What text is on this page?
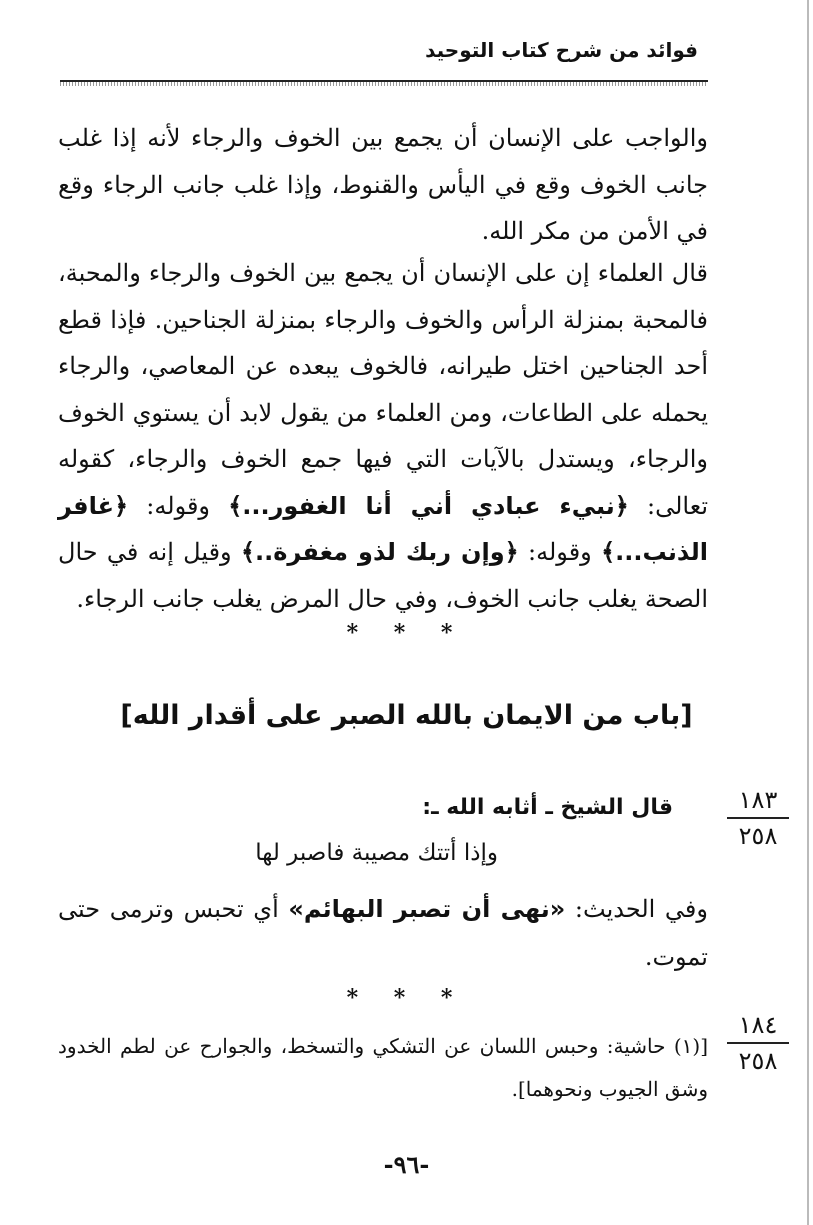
فوائد من شرح كتاب التوحيد

والواجب على الإنسان أن يجمع بين الخوف والرجاء لأنه إذا غلب جانب الخوف وقع في اليأس والقنوط، وإذا غلب جانب الرجاء وقع في الأمن من مكر الله.

قال العلماء إن على الإنسان أن يجمع بين الخوف والرجاء والمحبة، فالمحبة بمنزلة الرأس والخوف والرجاء بمنزلة الجناحين. فإذا قطع أحد الجناحين اختل طيرانه، فالخوف يبعده عن المعاصي، والرجاء يحمله على الطاعات، ومن العلماء من يقول لابد أن يستوي الخوف والرجاء، ويستدل بالآيات التي فيها جمع الخوف والرجاء، كقوله تعالى: ﴿نبيء عبادي أني أنا الغفور...﴾ وقوله: ﴿غافر الذنب...﴾ وقوله: ﴿وإن ربك لذو مغفرة..﴾ وقيل إنه في حال الصحة يغلب جانب الخوف، وفي حال المرض يغلب جانب الرجاء.

* * *
[باب من الايمان بالله الصبر على أقدار الله]
١٨٣
٢٥٨
قال الشيخ ـ أثابه الله ـ:
وإذا أتتك مصيبة فاصبر لها

وفي الحديث: «نهى أن تصبر البهائم» أي تحبس وترمى حتى تموت.

* * *
١٨٤
٢٥٨

[(١) حاشية: وحبس اللسان عن التشكي والتسخط، والجوارح عن لطم الخدود وشق الجيوب ونحوهما].

-٩٦-
